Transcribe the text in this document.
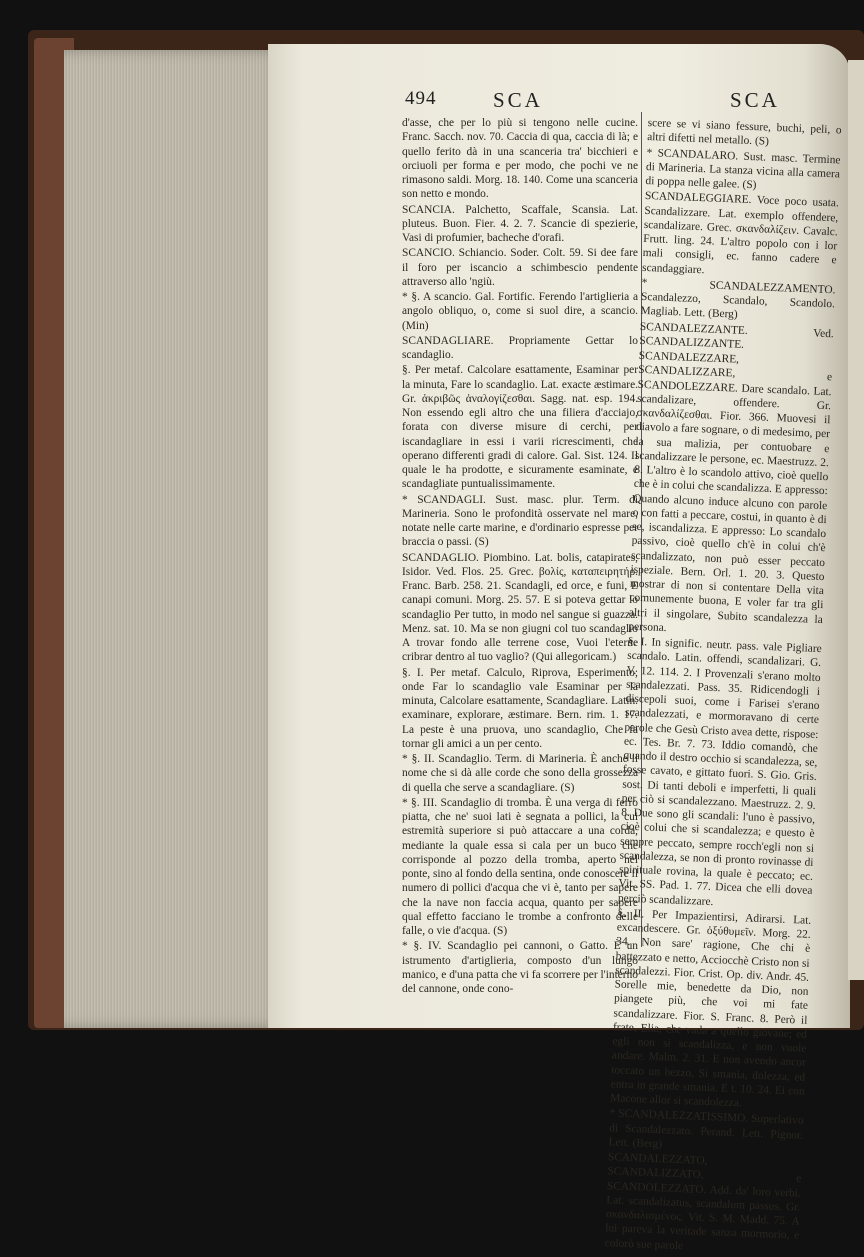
494	SCA	SCA

d'asse, che per lo più si tengono nelle cucine. Franc. Sacch. nov. 70. Caccia di qua, caccia di là; e quello ferito dà in una scanceria tra' bicchieri e orciuoli per forma e per modo, che pochi ve ne rimasono saldi. Morg. 18. 140. Come una scanceria son netto e mondo.

SCANCIA. Palchetto, Scaffale, Scansia. Lat. pluteus. Buon. Fier. 4. 2. 7. Scancie di spezierie, Vasi di profumier, bacheche d'orafi.

SCANCIO. Schiancio. Soder. Colt. 59. Si dee fare il foro per iscancio a schimbescio pendente attraverso allo 'ngiù.

* §. A scancio. Gal. Fortific. Ferendo l'artiglieria a angolo obliquo, o, come si suol dire, a scancio. (Min)

SCANDAGLIARE. Propriamente Gettar lo scandaglio.

§. Per metaf. Calcolare esattamente, Esaminar per la minuta, Fare lo scandaglio. Lat. exacte æstimare. Gr. ἀκριβῶς ἀναλογίζεσθαι. Sagg. nat. esp. 194. Non essendo egli altro che una filiera d'acciajo, forata con diverse misure di cerchi, per iscandagliare in essi i varii ricrescimenti, che operano differenti gradi di calore. Gal. Sist. 124. Il quale le ha prodotte, e sicuramente esaminate, e scandagliate puntualissimamente.

* SCANDAGLI. Sust. masc. plur. Term. di Marineria. Sono le profondità osservate nel mare, notate nelle carte marine, e d'ordinario espresse per braccia o passi. (S)

SCANDAGLIO. Piombino. Lat. bolis, catapirates, Isidor. Ved. Flos. 25. Grec. βολίς, καταπειρητήρ. Franc. Barb. 258. 21. Scandagli, ed orce, e funi, E canapi comuni. Morg. 25. 57. E si poteva gettar lo scandaglio Per tutto, in modo nel sangue si guazza. Menz. sat. 10. Ma se non giugni col tuo scandaglio A trovar fondo alle terrene cose, Vuoi l'eterne cribrar dentro al tuo vaglio? (Qui allegoricam.)

§. I. Per metaf. Calculo, Riprova, Esperimento; onde Far lo scandaglio vale Esaminar per la minuta, Calcolare esattamente, Scandagliare. Latin. examinare, explorare, æstimare. Bern. rim. 1. 17. La peste è una pruova, uno scandaglio, Che fa tornar gli amici a un per cento.

* §. II. Scandaglio. Term. di Marineria. È anche il nome che si dà alle corde che sono della grossezza di quella che serve a scandagliare. (S)

* §. III. Scandaglio di tromba. È una verga di ferro piatta, che ne' suoi lati è segnata a pollici, la cui estremità superiore si può attaccare a una corda, mediante la quale essa si cala per un buco che corrisponde al pozzo della tromba, aperto nel ponte, sino al fondo della sentina, onde conoscere il numero di pollici d'acqua che vi è, tanto per sapere che la nave non faccia acqua, quanto per sapere qual effetto facciano le trombe a confronto delle falle, o vie d'acqua. (S)

* §. IV. Scandaglio pei cannoni, o Gatto. È un istrumento d'artiglieria, composto d'un lungo manico, e d'una patta che vi fa scorrere per l'interno del cannone, onde cono-

scere se vi siano fessure, buchi, peli, o altri difetti nel metallo. (S)

* SCANDALARO. Sust. masc. Termine di Marineria. La stanza vicina alla camera di poppa nelle galee. (S)

SCANDALEGGIARE. Voce poco usata. Scandalizzare. Lat. exemplo offendere, scandalizare. Grec. σκανδαλίζειν. Cavalc. Frutt. ling. 24. L'altro popolo con i lor mali consigli, ec. fanno cadere e scandaggiare.

* SCANDALEZZAMENTO. Scandalezzo, Scandalo, Scandolo. Magliab. Lett. (Berg)

SCANDALEZZANTE. Ved. SCANDALIZZANTE.

SCANDALEZZARE, SCANDALIZZARE, e SCANDOLEZZARE. Dare scandalo. Lat. scandalizare, offendere. Gr. σκανδαλίζεσθαι. Fior. 366. Muovesi il diavolo a fare sognare, o di medesimo, per la sua malizia, per contuobare e scandalizzare le persone, ec. Maestruzz. 2. 8. L'altro è lo scandolo attivo, cioè quello che è in colui che scandalizza. E appresso: Quando alcuno induce alcuno con parole o con fatti a peccare, costui, in quanto è di se, iscandalizza. E appresso: Lo scandalo passivo, cioè quello ch'è in colui ch'è scandalizzato, non può esser peccato ispeziale. Bern. Orl. 1. 20. 3. Questo mostrar di non si contentare Della vita comunemente buona, E voler far tra gli altri il singolare, Subito scandalezza la persona.

§. I. In signific. neutr. pass. vale Pigliare scandalo. Latin. offendi, scandalizari. G. V. 12. 114. 2. I Provenzali s'erano molto scandalezzati. Pass. 35. Ridicendogli i discepoli suoi, come i Farisei s'erano scandalezzati, e mormoravano di certe parole che Gesù Cristo avea dette, rispose: ec. Tes. Br. 7. 73. Iddio comandò, che quando il destro occhio si scandalezza, se, fosse cavato, e gittato fuori. S. Gio. Gris. sost. Di tanti deboli e imperfetti, li quali per ciò si scandalezzano. Maestruzz. 2. 9. 8. Due sono gli scandali: l'uno è passivo, cioè colui che si scandalezza; e questo è sempre peccato, sempre rocch'egli non si scandalezza, se non di pronto rovinasse di spirituale rovina, la quale è peccato; ec. Vit. SS. Pad. 1. 77. Dicea che elli dovea perciò scandalizzare.

§. II. Per Impazientirsi, Adirarsi. Lat. excandescere. Gr. ὀξύθυμεῖν. Morg. 22. 34. Non sare' ragione, Che chi è battezzato e netto, Acciocchè Cristo non si scandalezzi. Fior. Crist. Op. div. Andr. 45. Sorelle mie, benedette da Dio, non piangete più, che voi mi fate scandalizzare. Fior. S. Franc. 8. Però il frate, Elia, che vada a quello giovane; ed egli non si scandalizza, e non vuole andare. Malm. 2. 31. E non avendo ancor toccato un bezzo, Si smania, dolezza, ed entra in grande smania. E t. 10. 24. Ei con Macone allor si scandolezza.

* SCANDALEZZATISSIMO. Superlativo di Scandalezzato. Perand. Lett. Pignor. Lett. (Berg)

SCANDALEZZATO, SCANDALIZZATO, e SCANDOLEZZATO. Add. da' loro verbi. Lat. scandalizatus, scandalum passus. Gr. σκανδαλισμένος. Vit. S. M. Madd. 75. A lui pareva la veritade sanza mormorio, e colorò sue parole
